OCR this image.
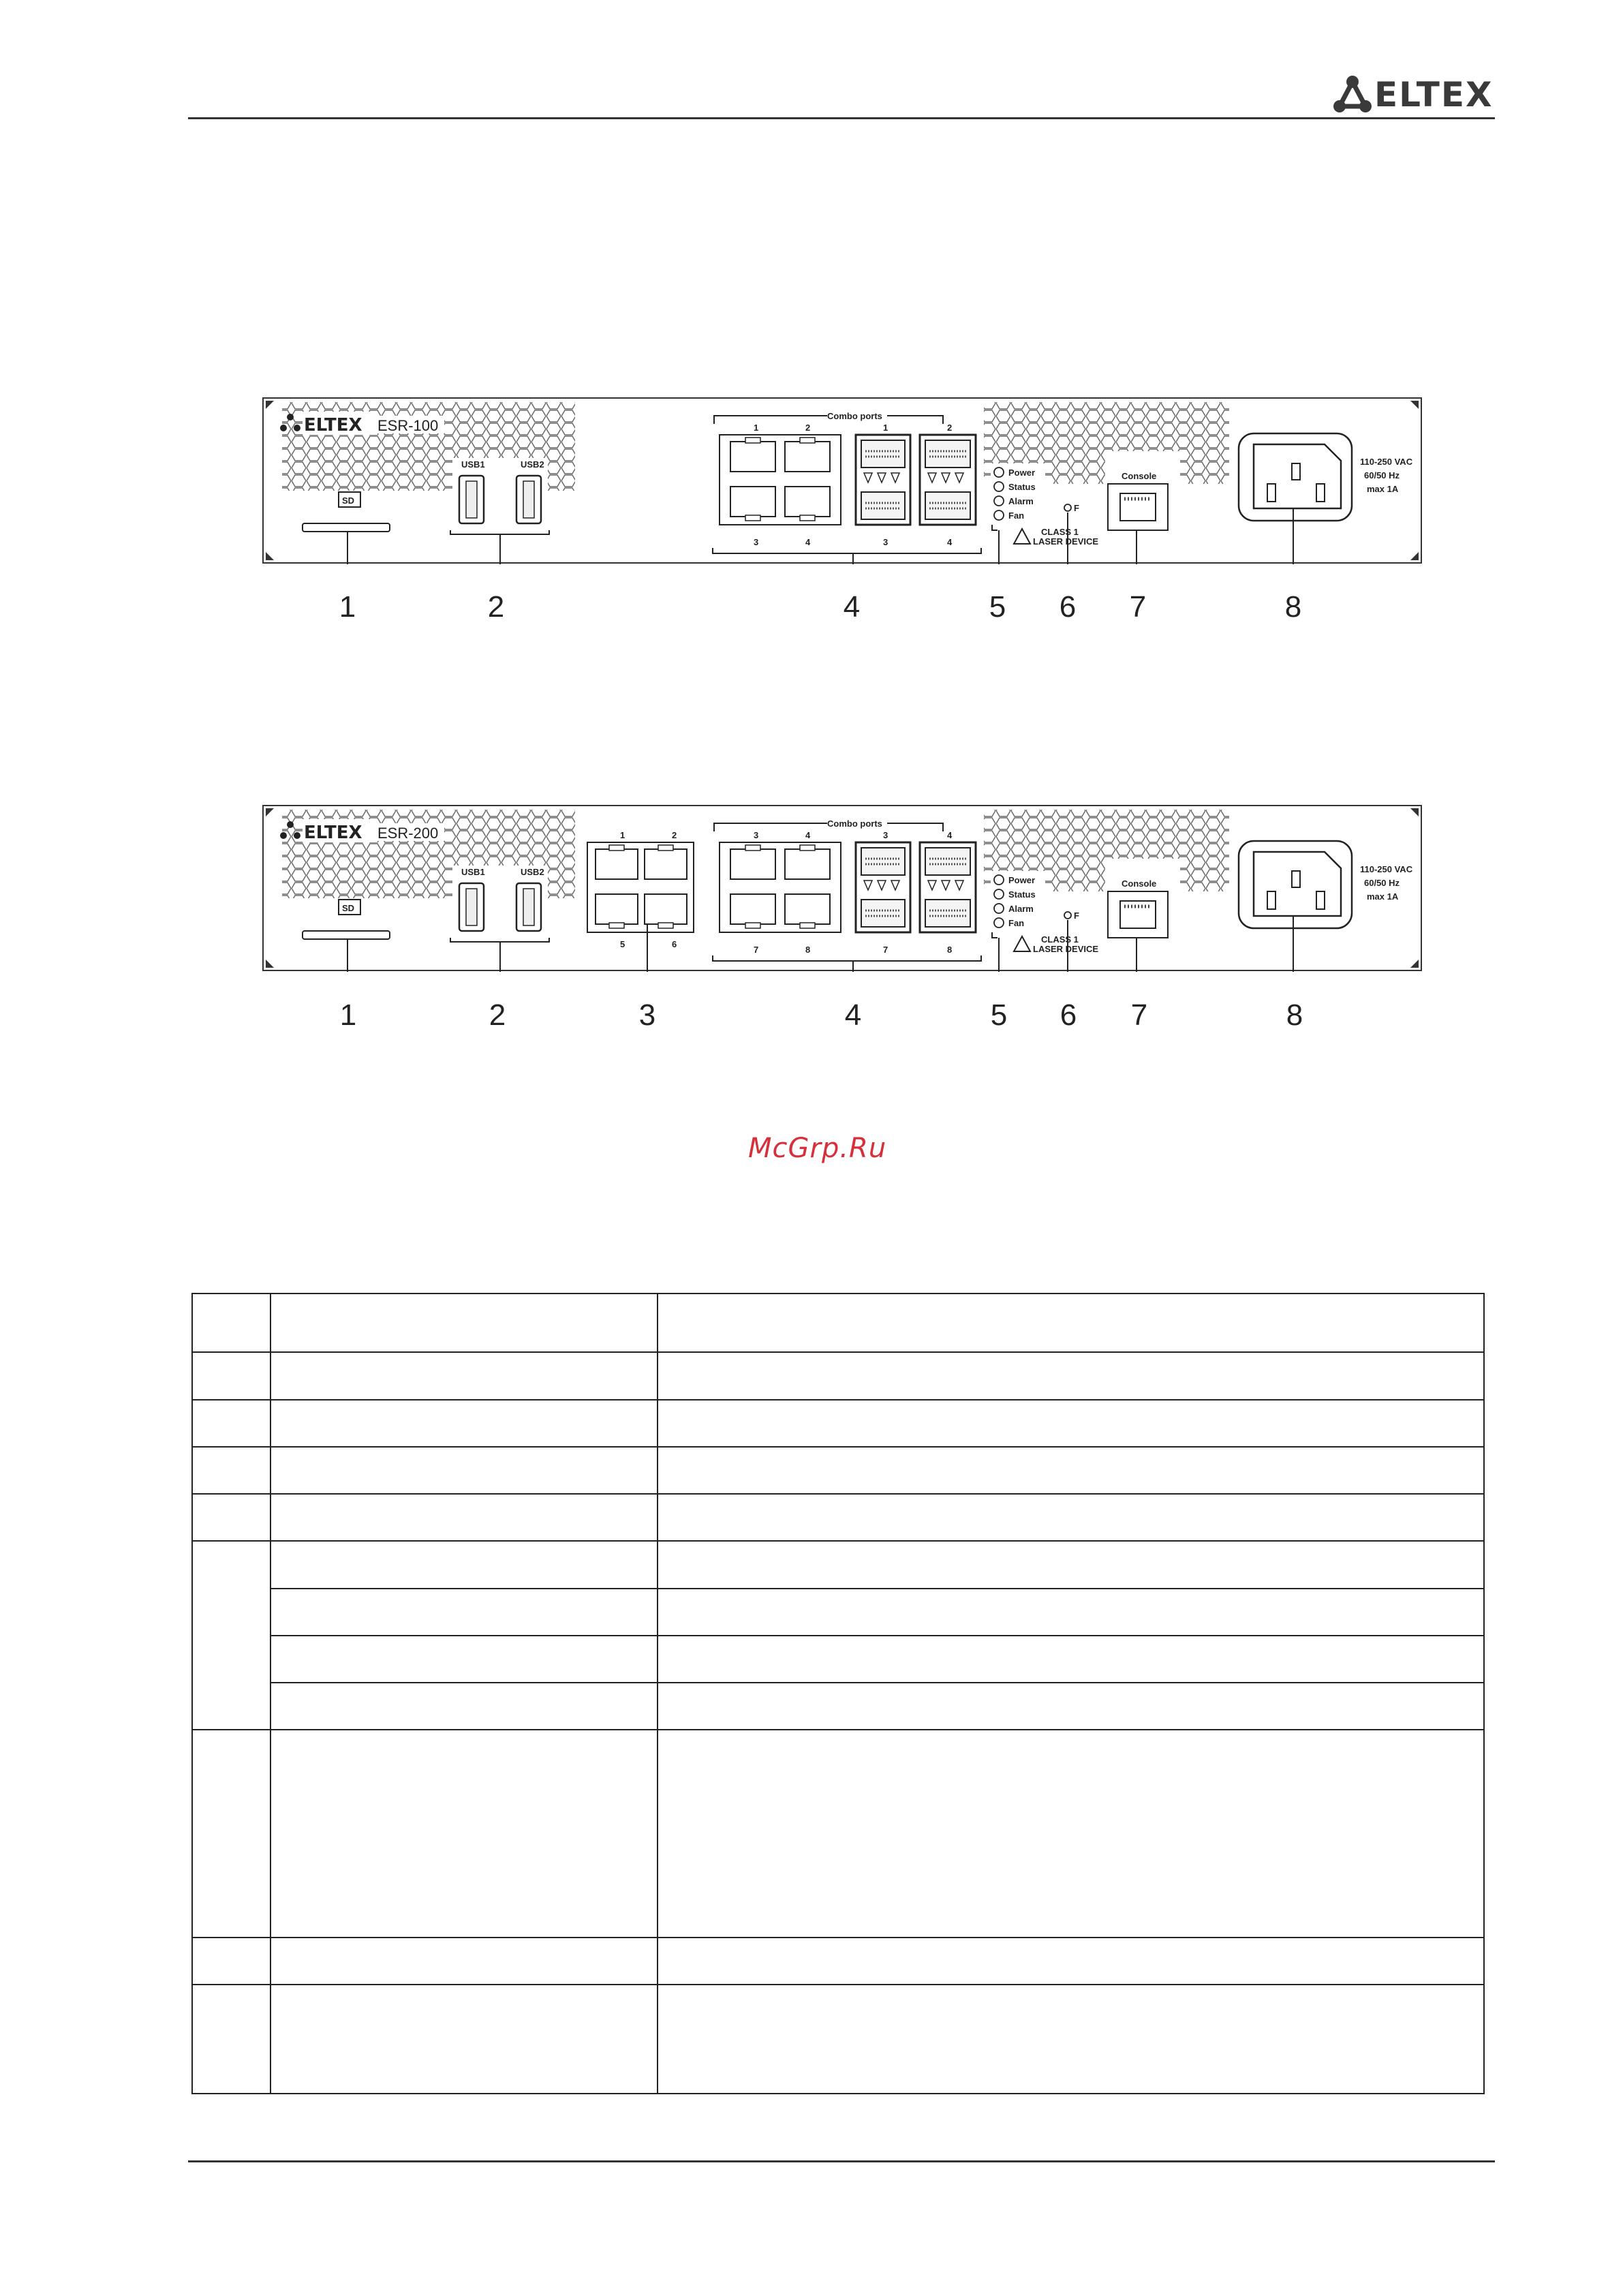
ELTEX
ELTEX ESR-100
SD
USB1	USB2
Combo ports
1	2	1	2
3	4	3	4
Power
Status
Alarm
Fan
F
CLASS 1
LASER DEVICE
Console
110-250 VAC
60/50 Hz
max 1A
1	2	4	5	6	7	8
ELTEX ESR-200
SD
USB1	USB2
1	2
5	6
Combo ports
3	4	3	4
7	8	7	8
Power
Status
Alarm
Fan
F
CLASS 1
LASER DEVICE
Console
110-250 VAC
60/50 Hz
max 1A
1	2	3	4	5	6	7	8
McGrp.Ru
